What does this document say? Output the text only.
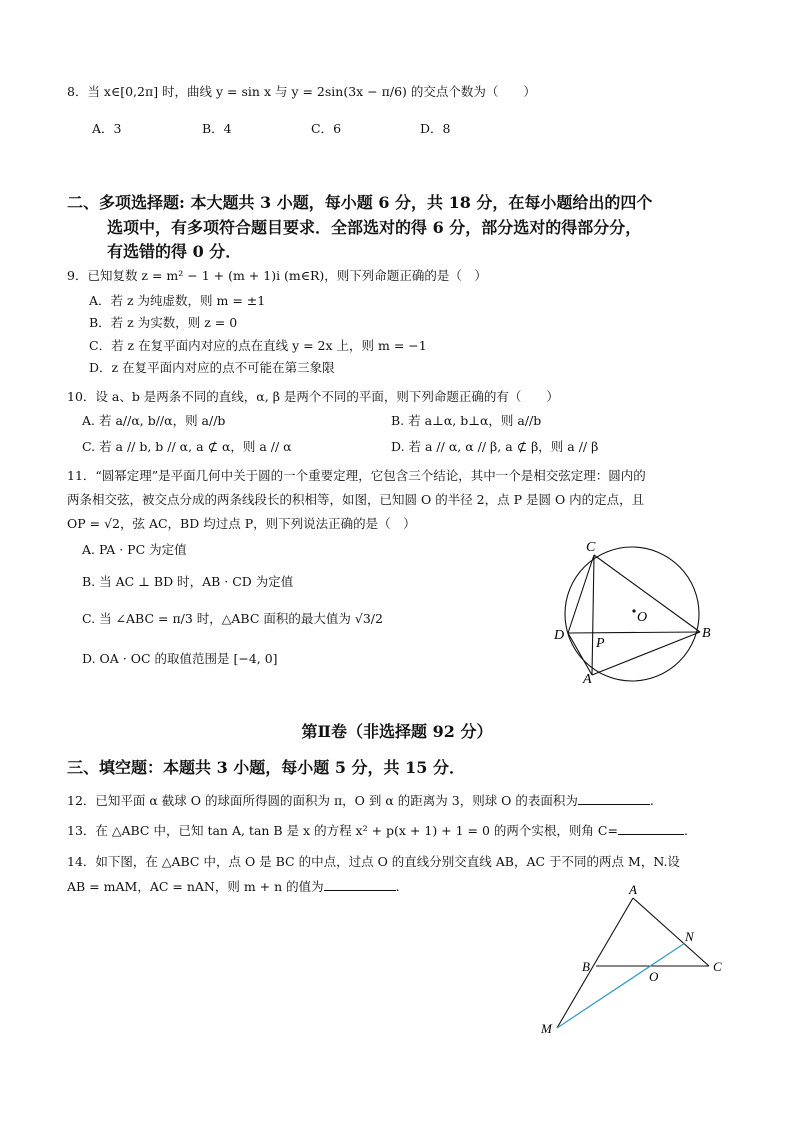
8．当 x∈[0,2π] 时，曲线 y = sin x 与 y = 2sin(3x − π/6) 的交点个数为（　　）
A．3	B．4	C．6	D．8
二、多项选择题: 本大题共 3 小题，每小题 6 分，共 18 分，在每小题给出的四个
选项中，有多项符合题目要求．全部选对的得 6 分，部分选对的得部分分，
有选错的得 0 分．
9．已知复数 z = m² − 1 + (m + 1)i (m∈R)，则下列命题正确的是（　）
A．若 z 为纯虚数，则 m = ±1
B．若 z 为实数，则 z = 0
C．若 z 在复平面内对应的点在直线 y = 2x 上，则 m = −1
D．z 在复平面内对应的点不可能在第三象限
10．设 a、b 是两条不同的直线，α, β 是两个不同的平面，则下列命题正确的有（　　）
A. 若 a//α, b//α，则 a//b	B. 若 a⊥α, b⊥α，则 a//b
C. 若 a // b, b // α, a ⊄ α，则 a // α	D. 若 a // α, α // β, a ⊄ β，则 a // β
11．“圆幂定理”是平面几何中关于圆的一个重要定理，它包含三个结论，其中一个是相交弦定理：圆内的
两条相交弦，被交点分成的两条线段长的积相等，如图，已知圆 O 的半径 2，点 P 是圆 O 内的定点，且
OP = √2，弦 AC，BD 均过点 P，则下列说法正确的是（　）
A. PA · PC 为定值
B. 当 AC ⊥ BD 时，AB · CD 为定值
C. 当 ∠ABC = π/3 时，△ABC 面积的最大值为 √3/2
D. OA · OC 的取值范围是 [−4, 0]
C
O
D
P
B
A
第Ⅱ卷（非选择题 92 分）
三、填空题：本题共 3 小题，每小题 5 分，共 15 分．
12．已知平面 α 截球 O 的球面所得圆的面积为 π，O 到 α 的距离为 3，则球 O 的表面积为	.
13．在 △ABC 中，已知 tan A, tan B 是 x 的方程 x² + p(x + 1) + 1 = 0 的两个实根，则角 C=	.
14．如下图，在 △ABC 中，点 O 是 BC 的中点，过点 O 的直线分别交直线 AB，AC 于不同的两点 M，N.设
AB = mAM，AC = nAN，则 m + n 的值为	.	A
N
B
O
C
M
